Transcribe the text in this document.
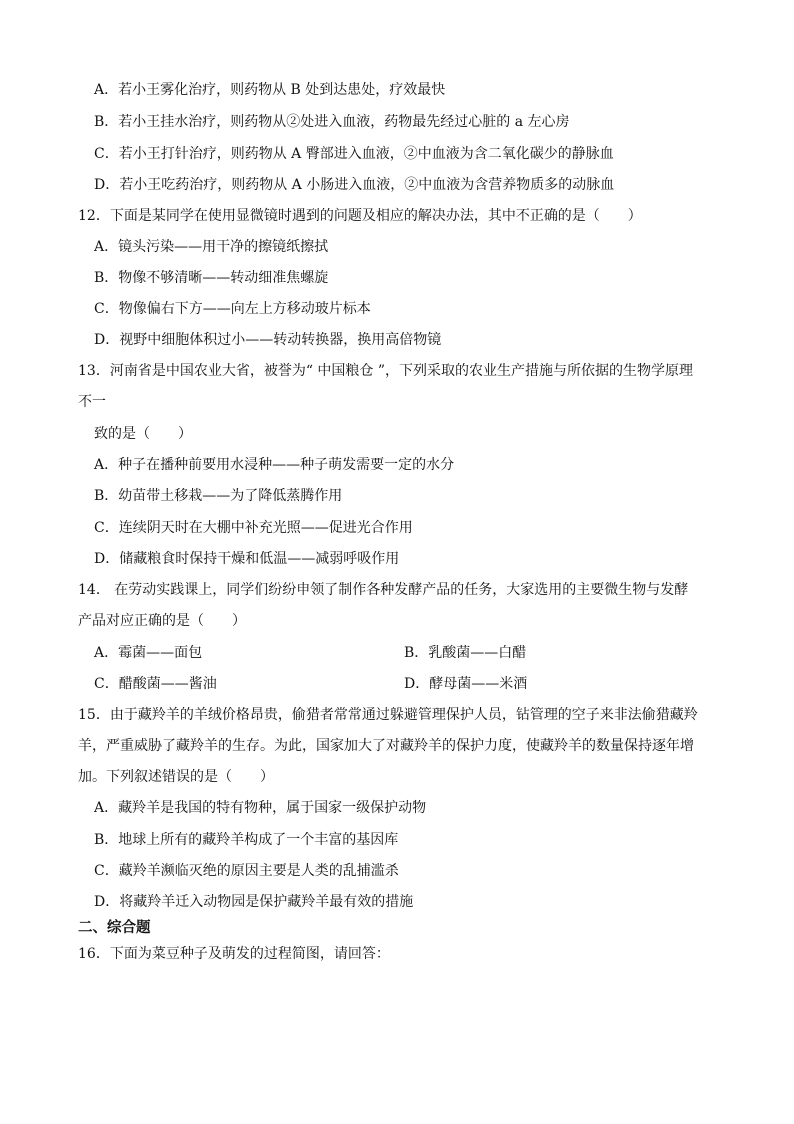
A．若小王雾化治疗，则药物从 B 处到达患处，疗效最快
B．若小王挂水治疗，则药物从②处进入血液，药物最先经过心脏的 a 左心房
C．若小王打针治疗，则药物从 A 臀部进入血液，②中血液为含二氧化碳少的静脉血
D．若小王吃药治疗，则药物从 A 小肠进入血液，②中血液为含营养物质多的动脉血
12．下面是某同学在使用显微镜时遇到的问题及相应的解决办法，其中不正确的是（　　）
A．镜头污染——用干净的擦镜纸擦拭
B．物像不够清晰——转动细准焦螺旋
C．物像偏右下方——向左上方移动玻片标本
D．视野中细胞体积过小——转动转换器，换用高倍物镜
13．河南省是中国农业大省，被誉为“ 中国粮仓 ”，下列采取的农业生产措施与所依据的生物学原理
不一
致的是（　　）
A．种子在播种前要用水浸种——种子萌发需要一定的水分
B．幼苗带土移栽——为了降低蒸腾作用
C．连续阴天时在大棚中补充光照——促进光合作用
D．储藏粮食时保持干燥和低温——减弱呼吸作用
14． 在劳动实践课上，同学们纷纷申领了制作各种发酵产品的任务，大家选用的主要微生物与发酵
产品对应正确的是（　　）
A．霉菌——面包	B．乳酸菌——白醋
C．醋酸菌——酱油	D．酵母菌——米酒
15．由于藏羚羊的羊绒价格昂贵，偷猎者常常通过躲避管理保护人员，钻管理的空子来非法偷猎藏羚
羊，严重威胁了藏羚羊的生存。为此，国家加大了对藏羚羊的保护力度，使藏羚羊的数量保持逐年增
加。下列叙述错误的是（　　）
A．藏羚羊是我国的特有物种，属于国家一级保护动物
B．地球上所有的藏羚羊构成了一个丰富的基因库
C．藏羚羊濒临灭绝的原因主要是人类的乱捕滥杀
D．将藏羚羊迁入动物园是保护藏羚羊最有效的措施
二、综合题
16．下面为菜豆种子及萌发的过程简图，请回答：
